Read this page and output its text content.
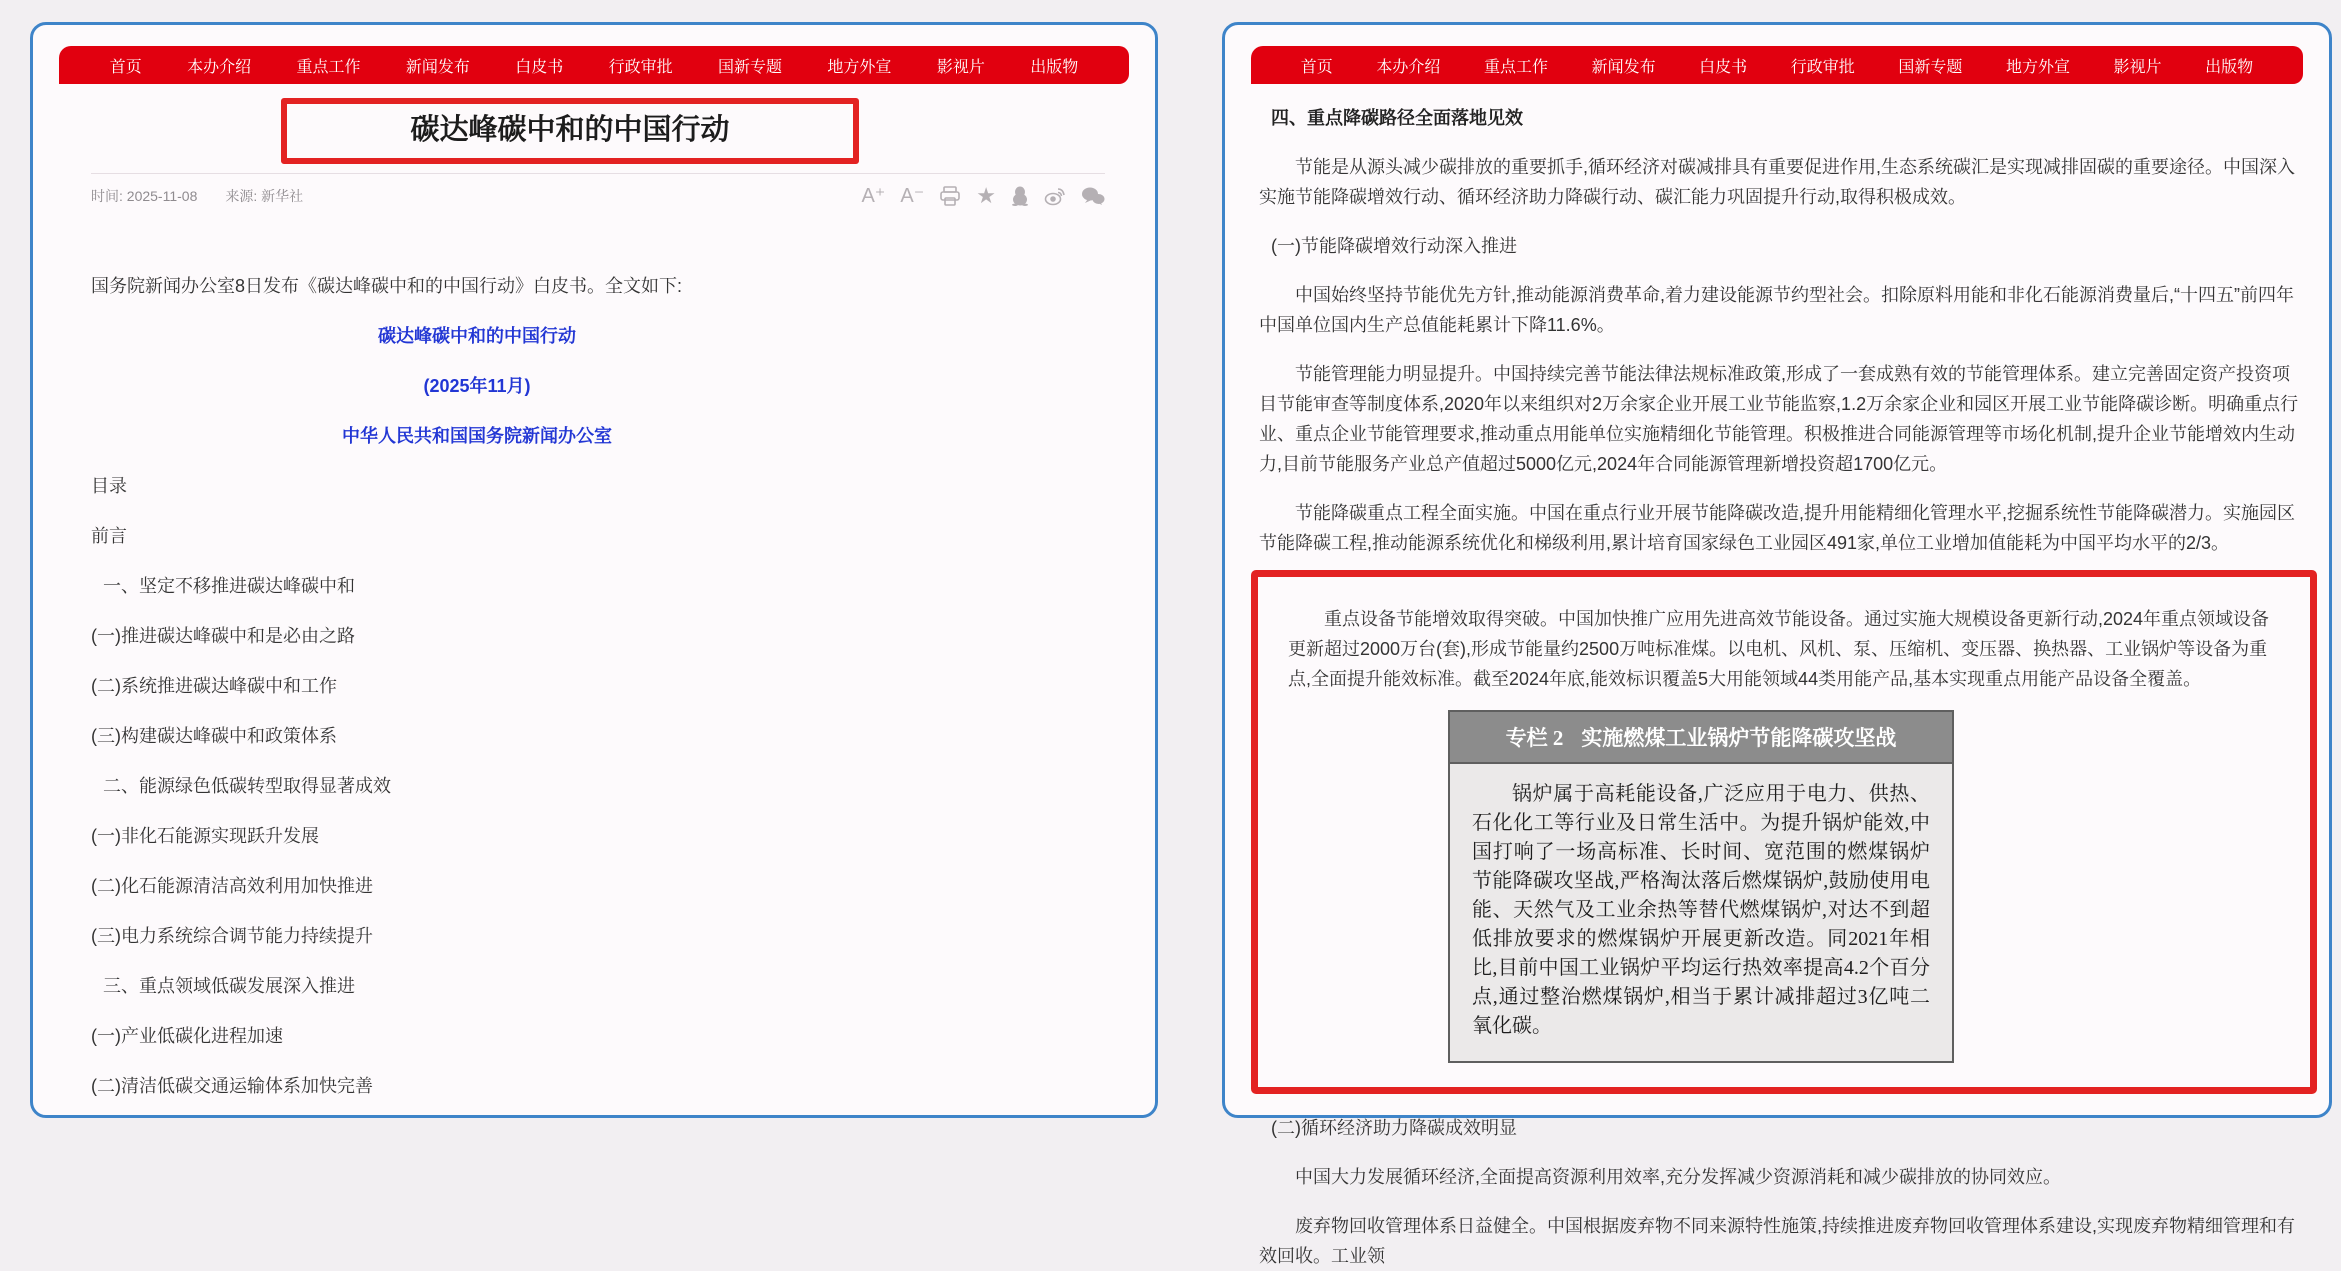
首页	本办介绍	重点工作	新闻发布	白皮书	行政审批	国新专题	地方外宣	影视片	出版物
碳达峰碳中和的中国行动
时间: 2025-11-08 来源: 新华社	A⁺ A⁻ ★
国务院新闻办公室8日发布《碳达峰碳中和的中国行动》白皮书。全文如下:
碳达峰碳中和的中国行动
(2025年11月)
中华人民共和国国务院新闻办公室
目录
前言
一、坚定不移推进碳达峰碳中和
(一)推进碳达峰碳中和是必由之路
(二)系统推进碳达峰碳中和工作
(三)构建碳达峰碳中和政策体系
二、能源绿色低碳转型取得显著成效
(一)非化石能源实现跃升发展
(二)化石能源清洁高效利用加快推进
(三)电力系统综合调节能力持续提升
三、重点领域低碳发展深入推进
(一)产业低碳化进程加速
(二)清洁低碳交通运输体系加快完善
首页	本办介绍	重点工作	新闻发布	白皮书	行政审批	国新专题	地方外宣	影视片	出版物
四、重点降碳路径全面落地见效

节能是从源头减少碳排放的重要抓手,循环经济对碳减排具有重要促进作用,生态系统碳汇是实现减排固碳的重要途径。中国深入实施节能降碳增效行动、循环经济助力降碳行动、碳汇能力巩固提升行动,取得积极成效。

(一)节能降碳增效行动深入推进

中国始终坚持节能优先方针,推动能源消费革命,着力建设能源节约型社会。扣除原料用能和非化石能源消费量后,“十四五”前四年中国单位国内生产总值能耗累计下降11.6%。

节能管理能力明显提升。中国持续完善节能法律法规标准政策,形成了一套成熟有效的节能管理体系。建立完善固定资产投资项目节能审查等制度体系,2020年以来组织对2万余家企业开展工业节能监察,1.2万余家企业和园区开展工业节能降碳诊断。明确重点行业、重点企业节能管理要求,推动重点用能单位实施精细化节能管理。积极推进合同能源管理等市场化机制,提升企业节能增效内生动力,目前节能服务产业总产值超过5000亿元,2024年合同能源管理新增投资超1700亿元。

节能降碳重点工程全面实施。中国在重点行业开展节能降碳改造,提升用能精细化管理水平,挖掘系统性节能降碳潜力。实施园区节能降碳工程,推动能源系统优化和梯级利用,累计培育国家绿色工业园区491家,单位工业增加值能耗为中国平均水平的2/3。

重点设备节能增效取得突破。中国加快推广应用先进高效节能设备。通过实施大规模设备更新行动,2024年重点领域设备更新超过2000万台(套),形成节能量约2500万吨标准煤。以电机、风机、泵、压缩机、变压器、换热器、工业锅炉等设备为重点,全面提升能效标准。截至2024年底,能效标识覆盖5大用能领域44类用能产品,基本实现重点用能产品设备全覆盖。

专栏 2 实施燃煤工业锅炉节能降碳攻坚战
锅炉属于高耗能设备,广泛应用于电力、供热、石化化工等行业及日常生活中。为提升锅炉能效,中国打响了一场高标准、长时间、宽范围的燃煤锅炉节能降碳攻坚战,严格淘汰落后燃煤锅炉,鼓励使用电能、天然气及工业余热等替代燃煤锅炉,对达不到超低排放要求的燃煤锅炉开展更新改造。同2021年相比,目前中国工业锅炉平均运行热效率提高4.2个百分点,通过整治燃煤锅炉,相当于累计减排超过3亿吨二氧化碳。
(二)循环经济助力降碳成效明显

中国大力发展循环经济,全面提高资源利用效率,充分发挥减少资源消耗和减少碳排放的协同效应。

废弃物回收管理体系日益健全。中国根据废弃物不同来源特性施策,持续推进废弃物回收管理体系建设,实现废弃物精细管理和有效回收。工业领
